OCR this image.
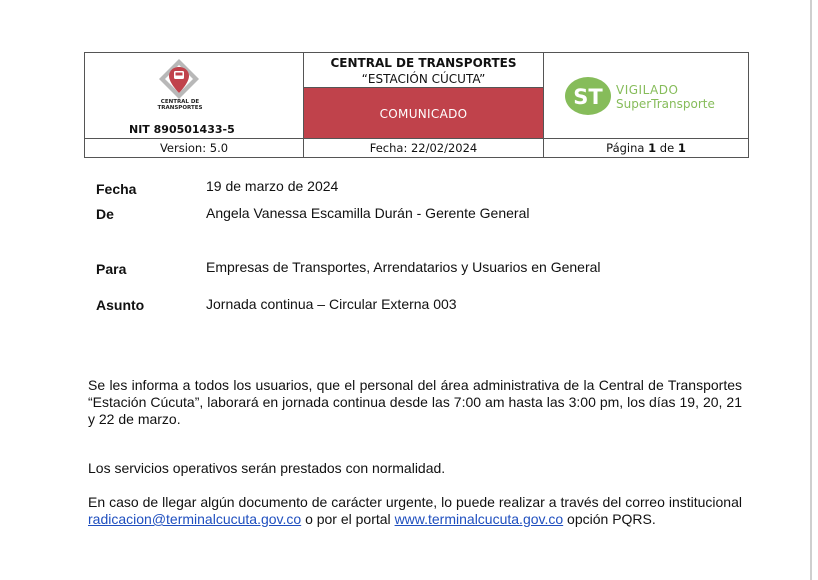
CENTRAL DE
TRANSPORTES
NIT 890501433-5
CENTRAL DE TRANSPORTES “ESTACIÓN CÚCUTA”
COMUNICADO
ST VIGILADO
SuperTransporte
Version: 5.0	Fecha: 22/02/2024	Página 1 de 1
Fecha	19 de marzo de 2024
De	Angela Vanessa Escamilla Durán - Gerente General
Para	Empresas de Transportes, Arrendatarios y Usuarios en General
Asunto	Jornada continua – Circular Externa 003
Se les informa a todos los usuarios, que el personal del área administrativa de la Central de Transportes “Estación Cúcuta”, laborará en jornada continua desde las 7:00 am hasta las 3:00 pm, los días 19, 20, 21 y 22 de marzo.
Los servicios operativos serán prestados con normalidad.
En caso de llegar algún documento de carácter urgente, lo puede realizar a través del correo institucional radicacion@terminalcucuta.gov.co o por el portal www.terminalcucuta.gov.co opción PQRS.
